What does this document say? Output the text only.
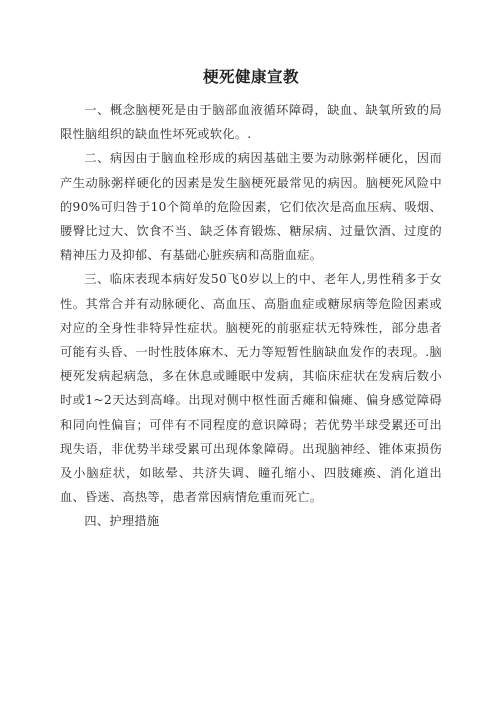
梗死健康宣教

一、概念脑梗死是由于脑部血液循环障碍，缺血、缺氧所致的局限性脑组织的缺血性坏死或软化。.

二、病因由于脑血栓形成的病因基础主要为动脉粥样硬化，因而产生动脉粥样硬化的因素是发生脑梗死最常见的病因。脑梗死风险中的90%可归咎于10个简单的危险因素，它们依次是高血压病、吸烟、腰臀比过大、饮食不当、缺乏体育锻炼、糖尿病、过量饮酒、过度的精神压力及抑郁、有基础心脏疾病和高脂血症。

三、临床表现本病好发50飞0岁以上的中、老年人,男性稍多于女性。其常合并有动脉硬化、高血压、高脂血症或糖尿病等危险因素或对应的全身性非特异性症状。脑梗死的前驱症状无特殊性，部分患者可能有头昏、一时性肢体麻木、无力等短暂性脑缺血发作的表现。.脑梗死发病起病急，多在休息或睡眠中发病，其临床症状在发病后数小时或1~2天达到高峰。出现对侧中枢性面舌瘫和偏瘫、偏身感觉障碍和同向性偏盲；可伴有不同程度的意识障碍；若优势半球受累还可出现失语，非优势半球受累可出现体象障碍。出现脑神经、锥体束损伤及小脑症状，如眩晕、共济失调、瞳孔缩小、四肢瘫痪、消化道出血、昏迷、高热等，患者常因病情危重而死亡。

四、护理措施
